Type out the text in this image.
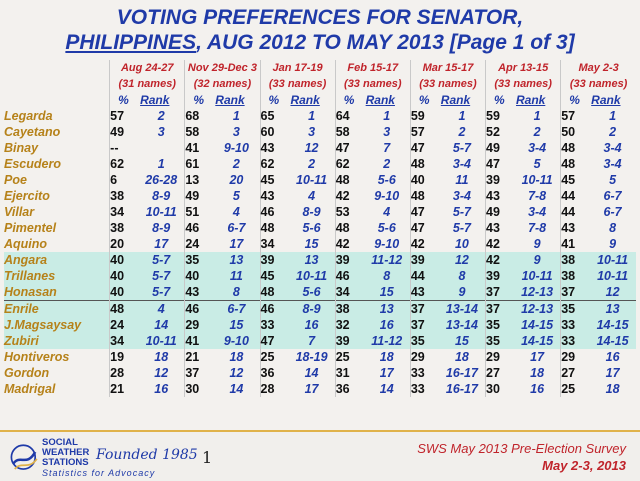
VOTING PREFERENCES FOR SENATOR,
PHILIPPINES, AUG 2012 TO MAY 2013 [Page 1 of 3]
	Aug 24-27		Nov 29-Dec 3		Jan 17-19		Feb 15-17		Mar 15-17		Apr 13-15		May 2-3	
	(31 names)		(32 names)		(33 names)		(33 names)		(33 names)		(33 names)		(33 names)	
	%	Rank	%	Rank	%	Rank	%	Rank	%	Rank	%	Rank	%	Rank
Legarda	57	2	68	1	65	1	64	1	59	1	59	1	57	1
Cayetano	49	3	58	3	60	3	58	3	57	2	52	2	50	2
Binay	--		41	9-10	43	12	47	7	47	5-7	49	3-4	48	3-4
Escudero	62	1	61	2	62	2	62	2	48	3-4	47	5	48	3-4
Poe	6	26-28	13	20	45	10-11	48	5-6	40	11	39	10-11	45	5
Ejercito	38	8-9	49	5	43	4	42	9-10	48	3-4	43	7-8	44	6-7
Villar	34	10-11	51	4	46	8-9	53	4	47	5-7	49	3-4	44	6-7
Pimentel	38	8-9	46	6-7	48	5-6	48	5-6	47	5-7	43	7-8	43	8
Aquino	20	17	24	17	34	15	42	9-10	42	10	42	9	41	9
Angara	40	5-7	35	13	39	13	39	11-12	39	12	42	9	38	10-11
Trillanes	40	5-7	40	11	45	10-11	46	8	44	8	39	10-11	38	10-11
Honasan	40	5-7	43	8	48	5-6	34	15	43	9	37	12-13	37	12
Enrile	48	4	46	6-7	46	8-9	38	13	37	13-14	37	12-13	35	13
J.Magsaysay	24	14	29	15	33	16	32	16	37	13-14	35	14-15	33	14-15
Zubiri	34	10-11	41	9-10	47	7	39	11-12	35	15	35	14-15	33	14-15
Hontiveros	19	18	21	18	25	18-19	25	18	29	18	29	17	29	16
Gordon	28	12	37	12	36	14	31	17	33	16-17	27	18	27	17
Madrigal	21	16	30	14	28	17	36	14	33	16-17	30	16	25	18
SOCIAL
WEATHER
STATIONS Founded 1985
Statistics for Advocacy
1	SWS May 2013 Pre-Election Survey
May 2-3, 2013
